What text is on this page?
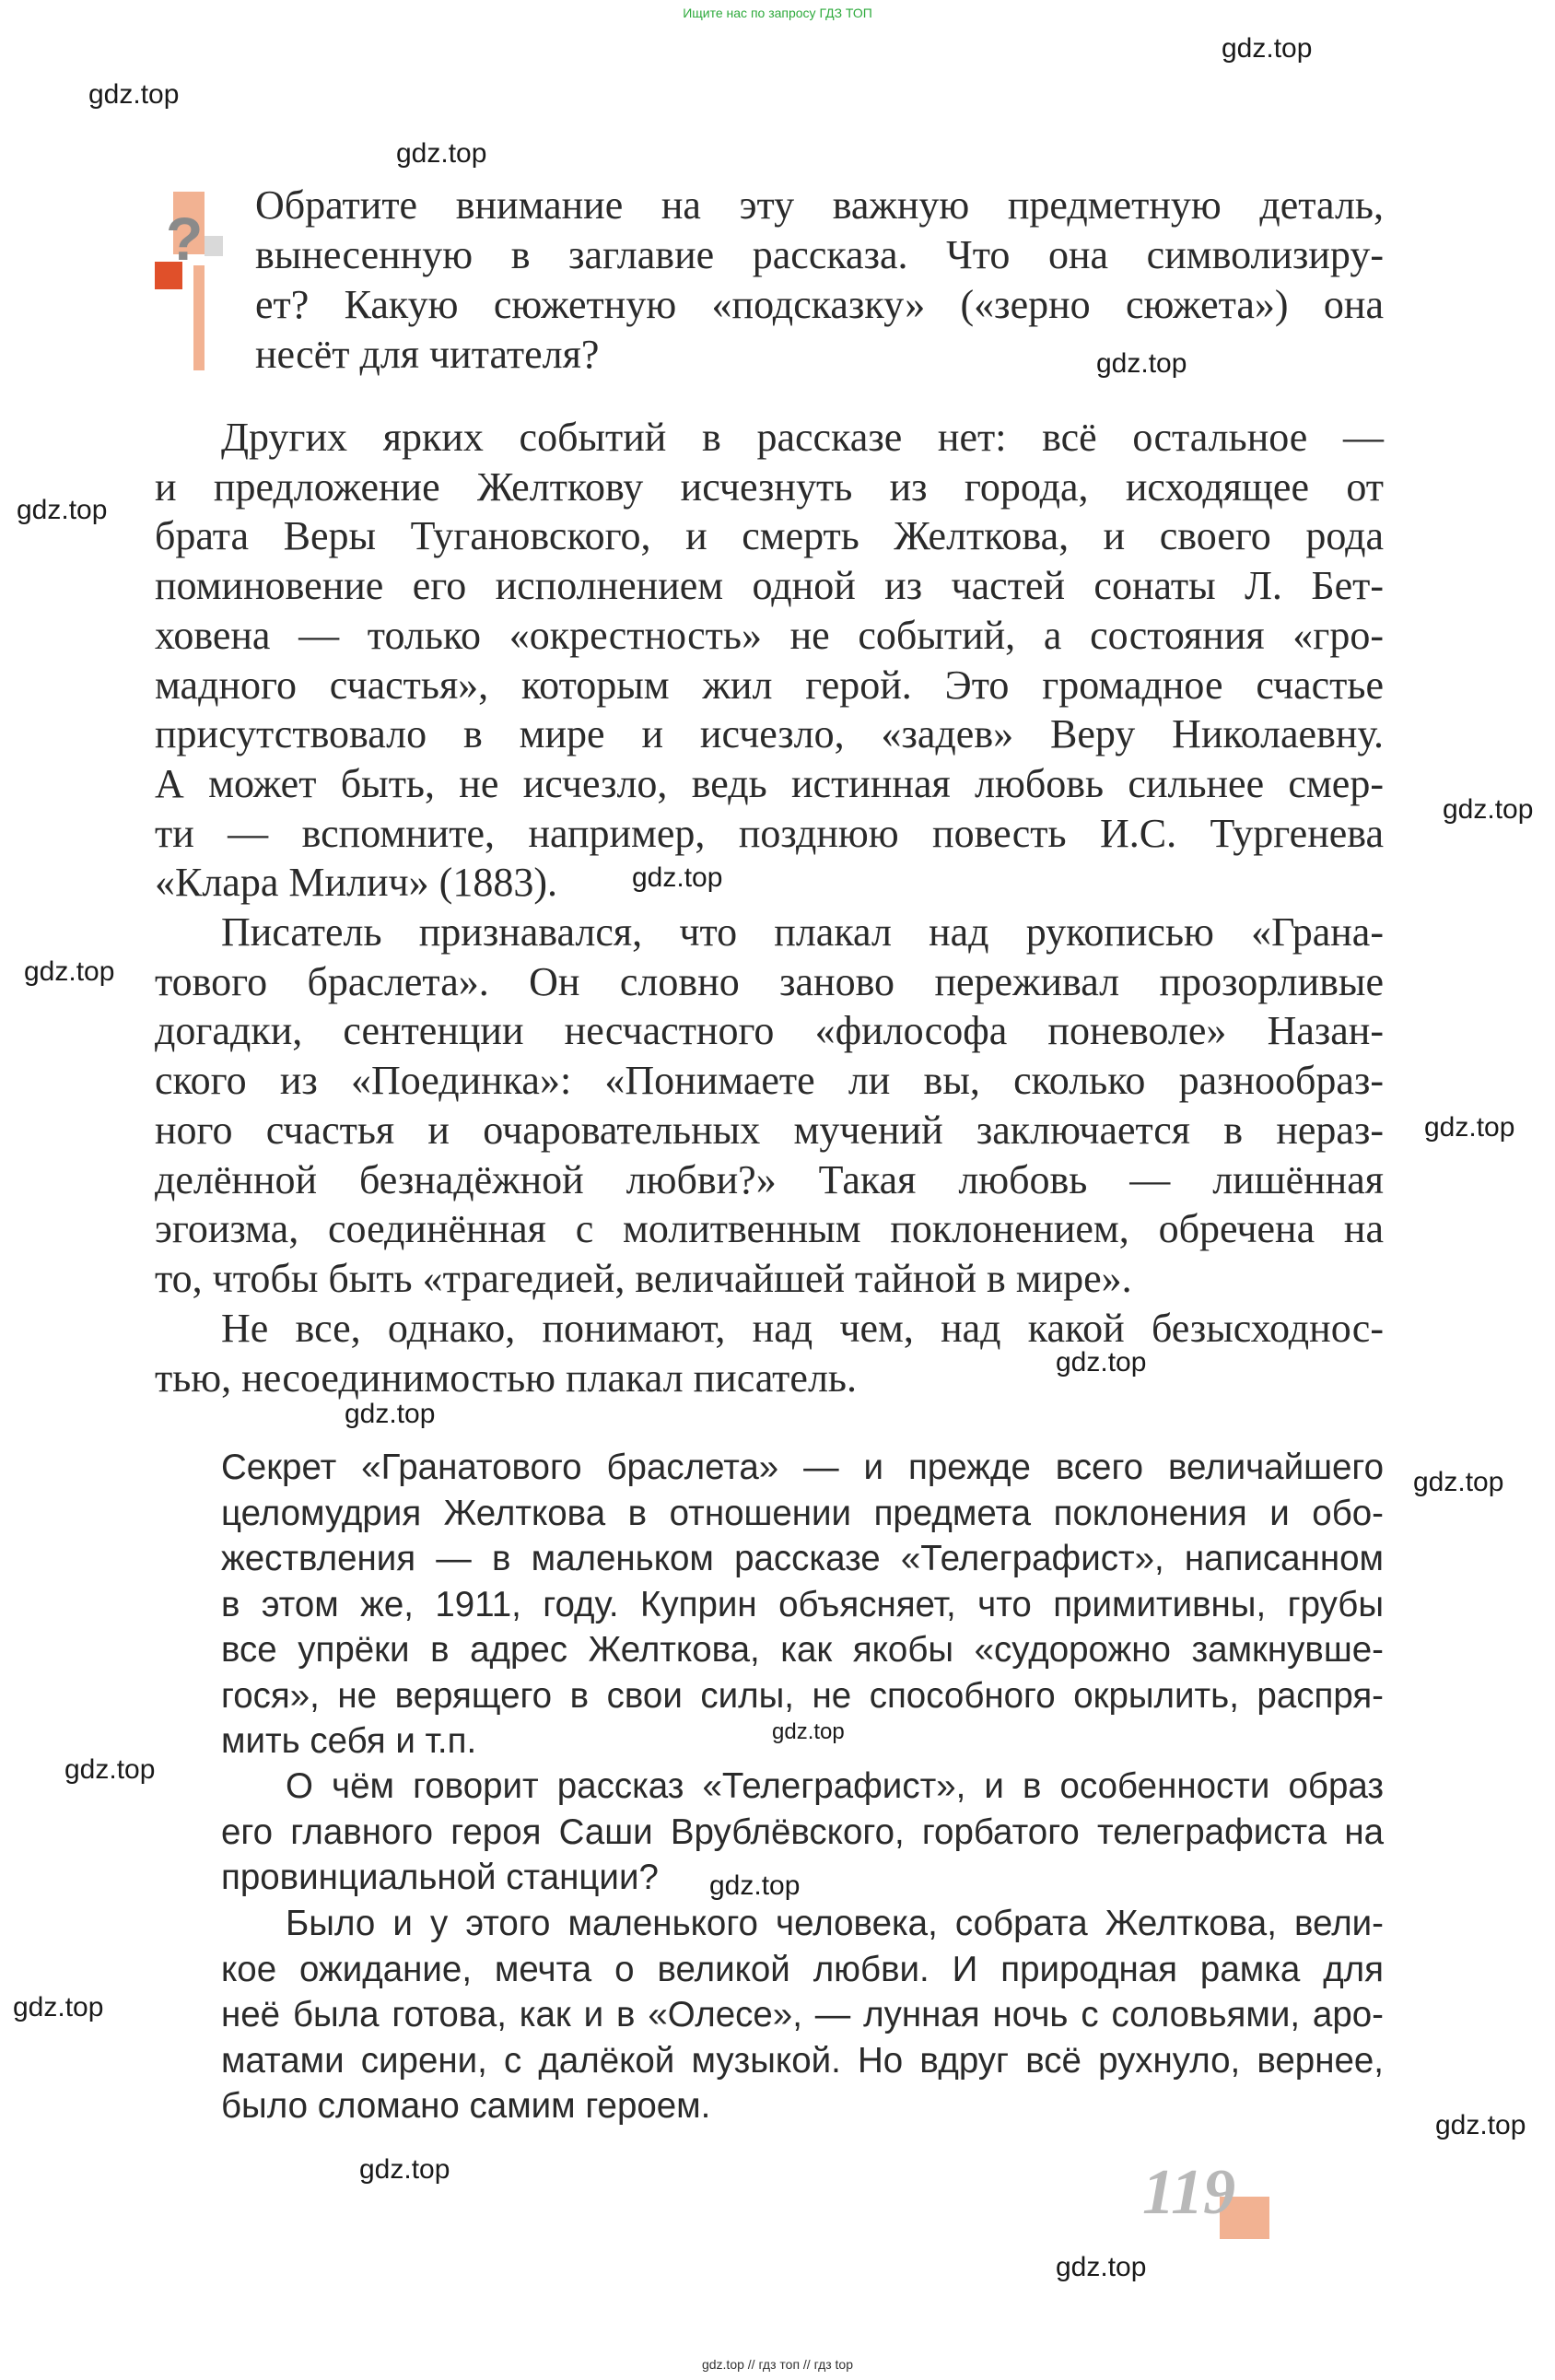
Ищите нас по запросу ГДЗ ТОП
gdz.top // гдз топ // гдз top
? Обратите внимание на эту важную предметную деталь,
вынесенную в заглавие рассказа. Что она символизиру-
ет? Какую сюжетную «подсказку» («зерно сюжета») она
несёт для читателя?
Других ярких событий в рассказе нет: всё остальное —
и предложение Желткову исчезнуть из города, исходящее от
брата Веры Тугановского, и смерть Желткова, и своего рода
поминовение его исполнением одной из частей сонаты Л. Бет-
ховена — только «окрестность» не событий, а состояния «гро-
мадного счастья», которым жил герой. Это громадное счастье
присутствовало в мире и исчезло, «задев» Веру Николаевну.
А может быть, не исчезло, ведь истинная любовь сильнее смер-
ти — вспомните, например, позднюю повесть И.С. Тургенева
«Клара Милич» (1883).
Писатель признавался, что плакал над рукописью «Грана-
тового браслета». Он словно заново переживал прозорливые
догадки, сентенции несчастного «философа поневоле» Назан-
ского из «Поединка»: «Понимаете ли вы, сколько разнообраз-
ного счастья и очаровательных мучений заключается в нераз-
делённой безнадёжной любви?» Такая любовь — лишённая
эгоизма, соединённая с молитвенным поклонением, обречена на
то, чтобы быть «трагедией, величайшей тайной в мире».
Не все, однако, понимают, над чем, над какой безысходнос-
тью, несоединимостью плакал писатель.
Секрет «Гранатового браслета» — и прежде всего величайшего
целомудрия Желткова в отношении предмета поклонения и обо-
жествления — в маленьком рассказе «Телеграфист», написанном
в этом же, 1911, году. Куприн объясняет, что примитивны, грубы
все упрёки в адрес Желткова, как якобы «судорожно замкнувше-
гося», не верящего в свои силы, не способного окрылить, распря-
мить себя и т.п.
О чём говорит рассказ «Телеграфист», и в особенности образ
его главного героя Саши Врублёвского, горбатого телеграфиста на
провинциальной станции?
Было и у этого маленького человека, собрата Желткова, вели-
кое ожидание, мечта о великой любви. И природная рамка для
неё была готова, как и в «Олесе», — лунная ночь с соловьями, аро-
матами сирени, с далёкой музыкой. Но вдруг всё рухнуло, вернее,
было сломано самим героем.
119
gdz.top
gdz.top
gdz.top
gdz.top
gdz.top
gdz.top
gdz.top
gdz.top
gdz.top
gdz.top
gdz.top
gdz.top
gdz.top
gdz.top
gdz.top
gdz.top
gdz.top
gdz.top
gdz.top
